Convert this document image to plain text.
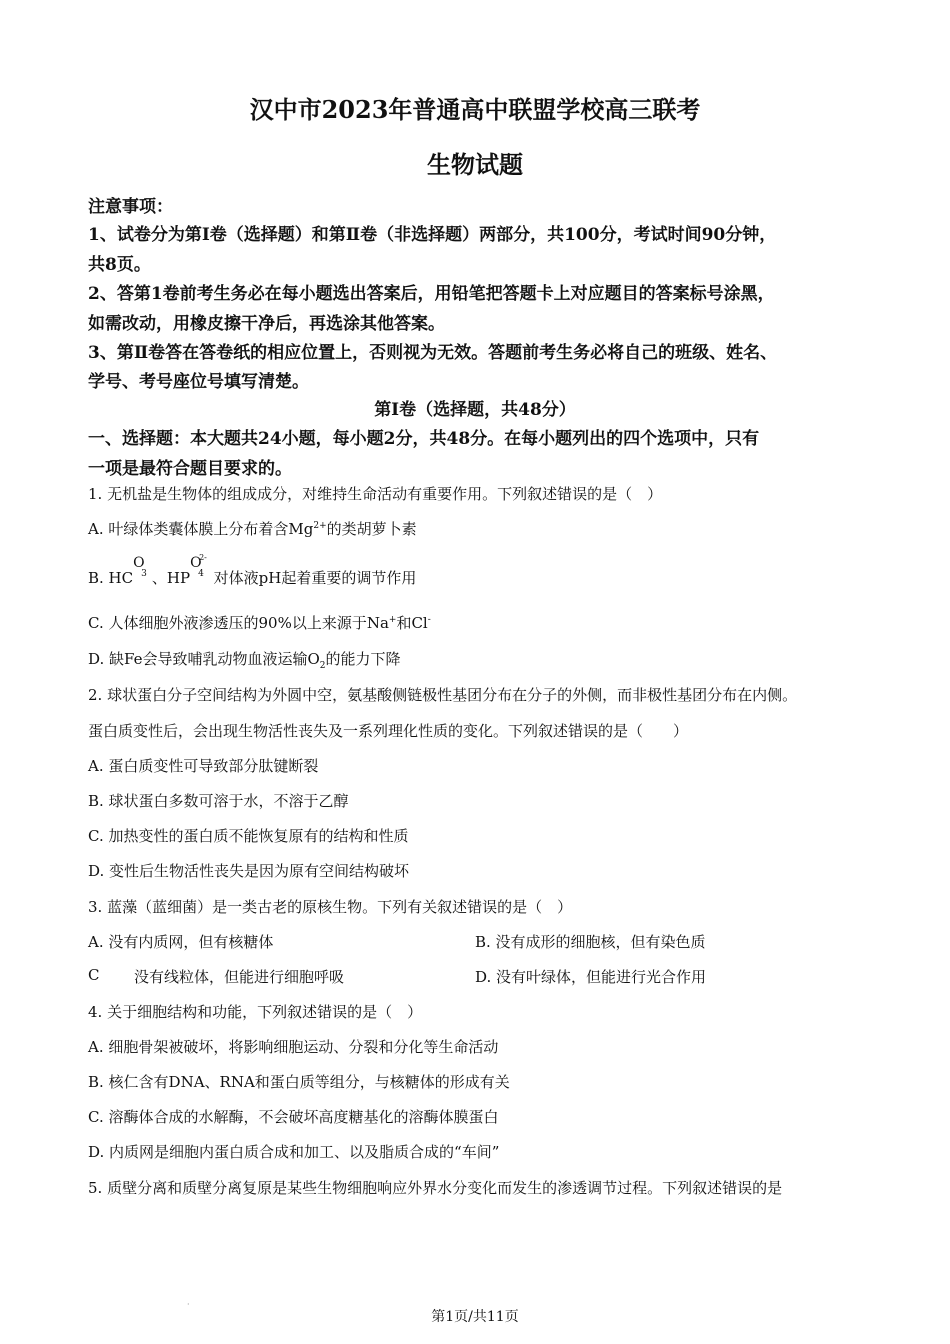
汉中市2023年普通高中联盟学校高三联考
生物试题
注意事项：
1、试卷分为第Ⅰ卷（选择题）和第Ⅱ卷（非选择题）两部分，共100分，考试时间90分钟，
共8页。
2、答第1卷前考生务必在每小题选出答案后，用铅笔把答题卡上对应题目的答案标号涂黑，
如需改动，用橡皮擦干净后，再选涂其他答案。
3、第Ⅱ卷答在答卷纸的相应位置上，否则视为无效。答题前考生务必将自己的班级、姓名、
学号、考号座位号填写清楚。
第Ⅰ卷（选择题，共48分）
一、选择题：本大题共24小题，每小题2分，共48分。在每小题列出的四个选项中，只有
一项是最符合题目要求的。
1. 无机盐是生物体的组成成分，对维持生命活动有重要作用。下列叙述错误的是（　）
A. 叶绿体类囊体膜上分布着含$Mg^{2+}$的类胡萝卜素
B. HC
O
3 、HP
O
2-
4 对体液pH起着重要的调节作用
C. 人体细胞外液渗透压的90%以上来源于Na+和Cl-
D. 缺Fe会导致哺乳动物血液运输$O_2$的能力下降
2. 球状蛋白分子空间结构为外圆中空，氨基酸侧链极性基团分布在分子的外侧，而非极性基团分布在内侧。
蛋白质变性后，会出现生物活性丧失及一系列理化性质的变化。下列叙述错误的是（　　）
A. 蛋白质变性可导致部分肽键断裂
B. 球状蛋白多数可溶于水，不溶于乙醇
C. 加热变性的蛋白质不能恢复原有的结构和性质
D. 变性后生物活性丧失是因为原有空间结构破坏
3. 蓝藻（蓝细菌）是一类古老的原核生物。下列有关叙述错误的是（　）
A. 没有内质网，但有核糖体	B. 没有成形的细胞核，但有染色质
C 没有线粒体，但能进行细胞呼吸	D. 没有叶绿体，但能进行光合作用
4. 关于细胞结构和功能，下列叙述错误的是（　）
A. 细胞骨架被破坏，将影响细胞运动、分裂和分化等生命活动
B. 核仁含有DNA、RNA和蛋白质等组分，与核糖体的形成有关
C. 溶酶体合成的水解酶，不会破坏高度糖基化的溶酶体膜蛋白
D. 内质网是细胞内蛋白质合成和加工、以及脂质合成的“车间”
5. 质壁分离和质壁分离复原是某些生物细胞响应外界水分变化而发生的渗透调节过程。下列叙述错误的是
·
第1页/共11页
